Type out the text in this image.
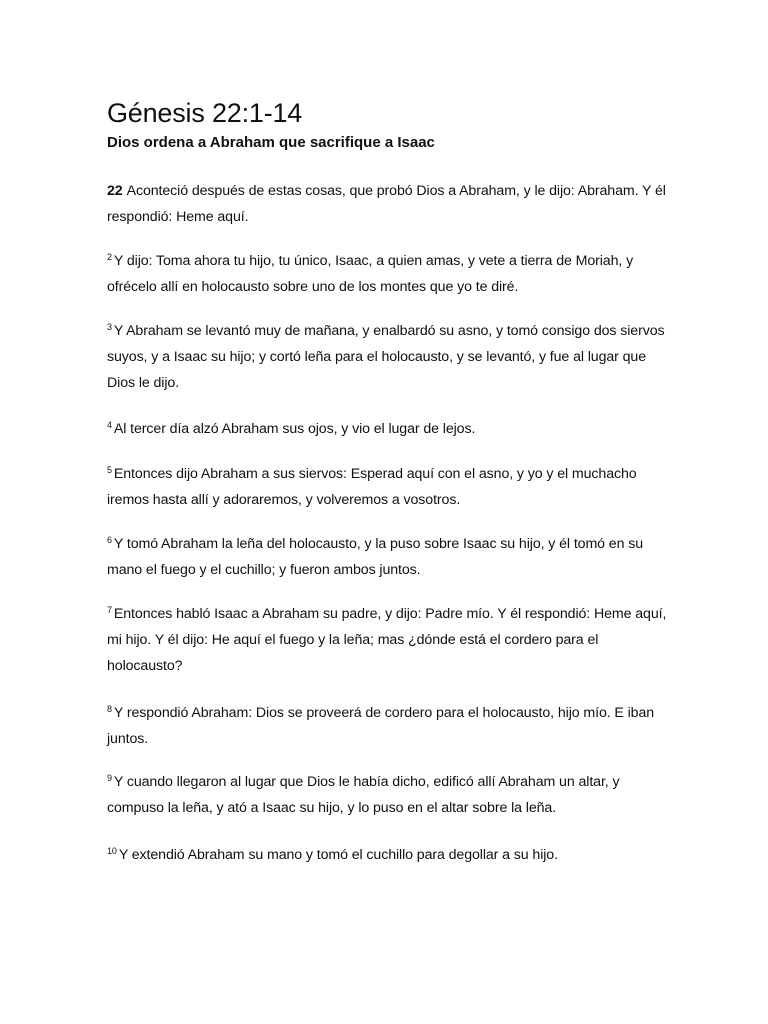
Génesis 22:1-14
Dios ordena a Abraham que sacrifique a Isaac

22 Aconteció después de estas cosas, que probó Dios a Abraham, y le dijo: Abraham. Y él respondió: Heme aquí.

$^2$ Y dijo: Toma ahora tu hijo, tu único, Isaac, a quien amas, y vete a tierra de Moriah, y ofrécelo allí en holocausto sobre uno de los montes que yo te diré.

$^3$ Y Abraham se levantó muy de mañana, y enalbardó su asno, y tomó consigo dos siervos suyos, y a Isaac su hijo; y cortó leña para el holocausto, y se levantó, y fue al lugar que Dios le dijo.

$^4$ Al tercer día alzó Abraham sus ojos, y vio el lugar de lejos.

$^5$ Entonces dijo Abraham a sus siervos: Esperad aquí con el asno, y yo y el muchacho iremos hasta allí y adoraremos, y volveremos a vosotros.

$^6$ Y tomó Abraham la leña del holocausto, y la puso sobre Isaac su hijo, y él tomó en su mano el fuego y el cuchillo; y fueron ambos juntos.

$^7$ Entonces habló Isaac a Abraham su padre, y dijo: Padre mío. Y él respondió: Heme aquí, mi hijo. Y él dijo: He aquí el fuego y la leña; mas ¿dónde está el cordero para el holocausto?

$^8$ Y respondió Abraham: Dios se proveerá de cordero para el holocausto, hijo mío. E iban juntos.

$^9$ Y cuando llegaron al lugar que Dios le había dicho, edificó allí Abraham un altar, y compuso la leña, y ató a Isaac su hijo, y lo puso en el altar sobre la leña.

$^{10}$ Y extendió Abraham su mano y tomó el cuchillo para degollar a su hijo.
